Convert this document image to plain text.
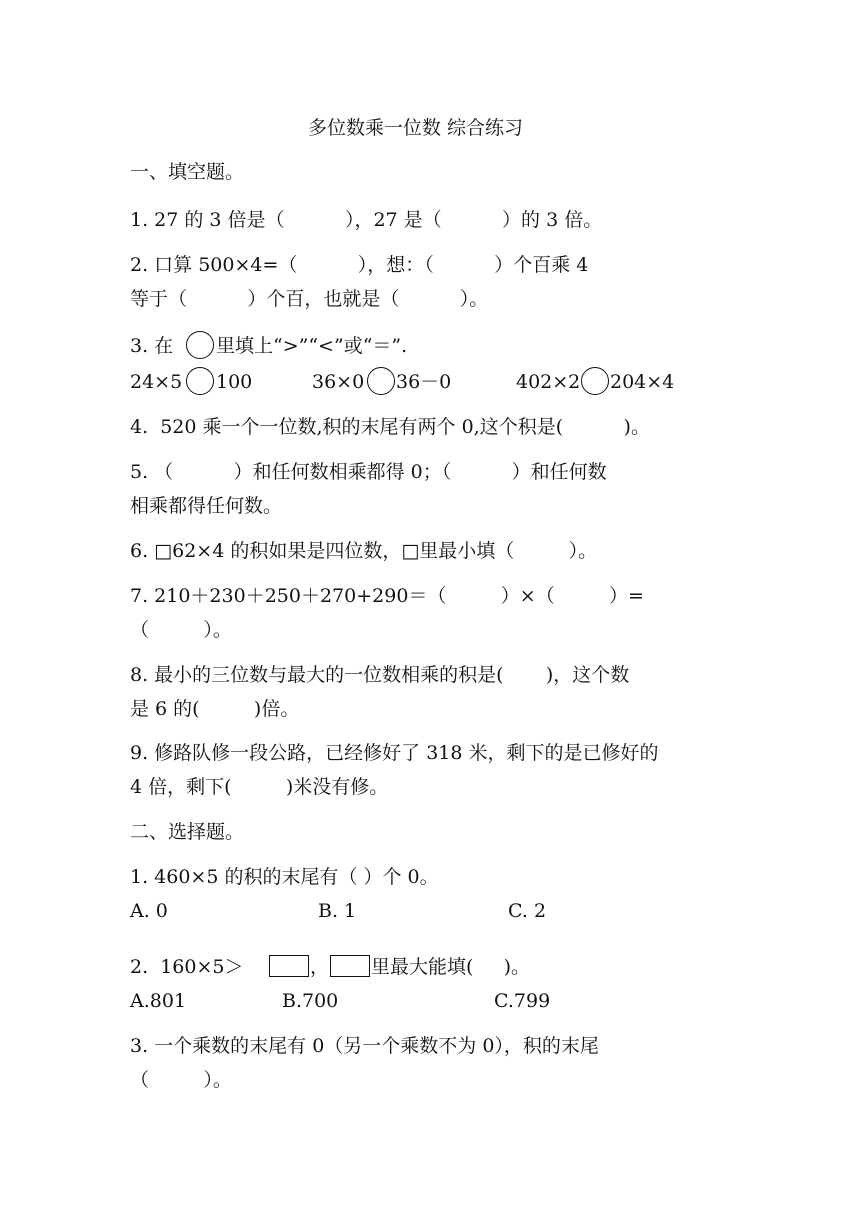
多位数乘一位数 综合练习
一、填空题。
1. 27 的 3 倍是（          ），27 是（          ）的 3 倍。
2. 口算 500×4=（          ），想：（          ）个百乘 4
等于（          ）个百，也就是（          ）。
3. 在 里填上“>”“<”或“＝”.
24×5 100	36×0 36－0	402×2 204×4
4.  520 乘一个一位数,积的末尾有两个 0,这个积是(          )。
5. （          ）和任何数相乘都得 0；（          ）和任何数
相乘都得任何数。
6. □62×4 的积如果是四位数，□里最小填（         ）。
7. 210＋230＋250＋270+290＝（         ）×（         ）=
（         ）。
8. 最小的三位数与最大的一位数相乘的积是(       )，这个数
是 6 的(         )倍。
9. 修路队修一段公路，已经修好了 318 米，剩下的是已修好的
4 倍，剩下(         )米没有修。
二、选择题。
1. 460×5 的积的末尾有（ ）个 0。
A. 0	B. 1	C. 2
2.  160×5＞	， 里最大能填(     )。
A.801	B.700	C.799
3. 一个乘数的末尾有 0（另一个乘数不为 0），积的末尾
（         ）。
